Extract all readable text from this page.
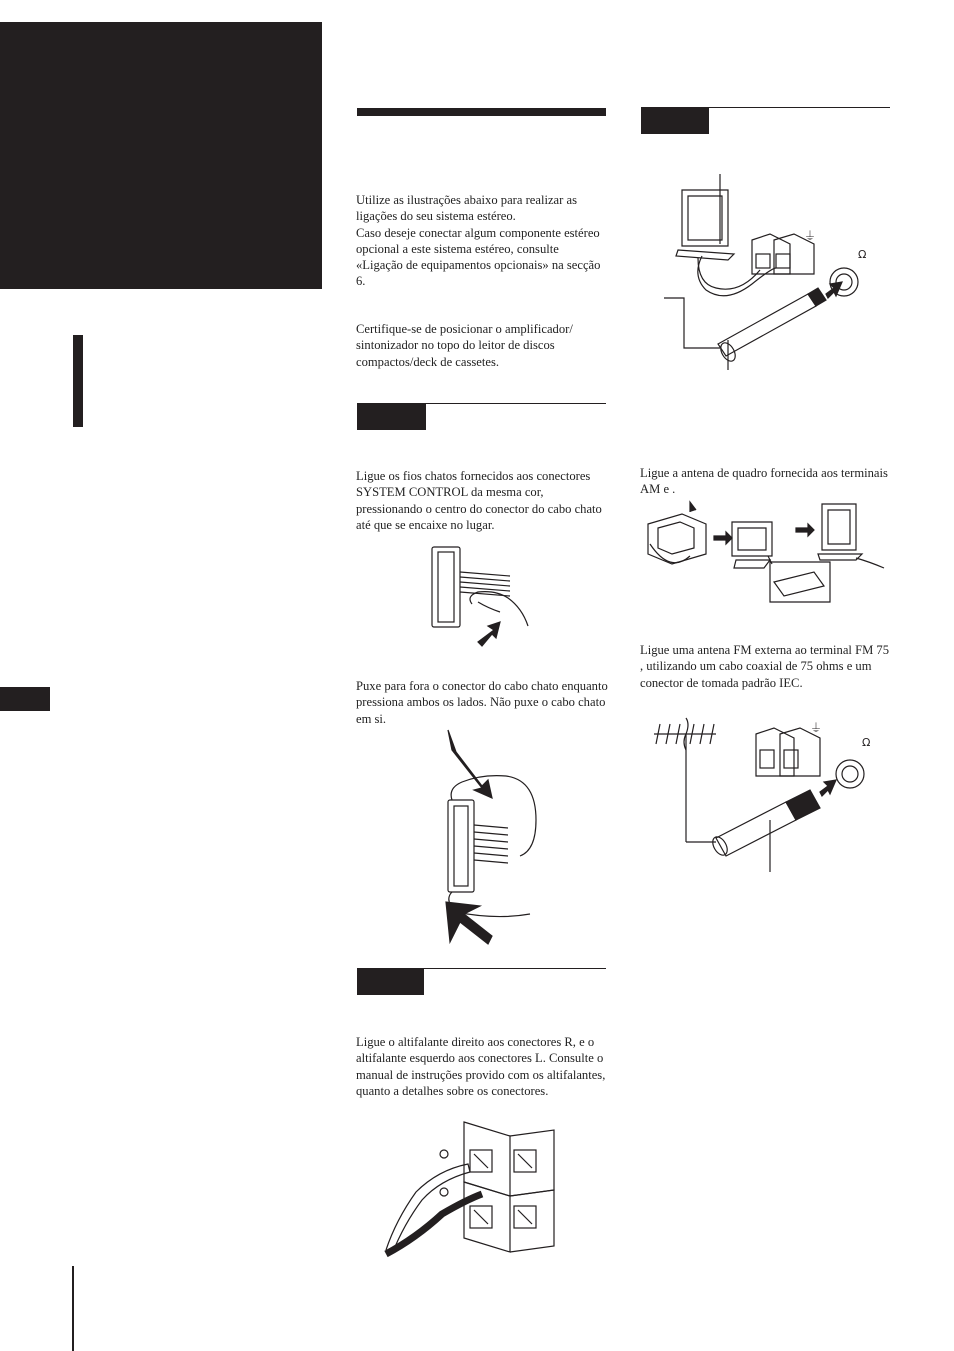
Utilize as ilustrações abaixo para realizar as ligações do seu sistema estéreo.
Caso deseje conectar algum componente estéreo opcional a este sistema estéreo, consulte «Ligação de equipamentos opcionais» na secção 6.
Certifique-se de posicionar o amplificador/ sintonizador no topo do leitor de discos compactos/deck de cassetes.
Ligue os fios chatos fornecidos aos conectores SYSTEM CONTROL da mesma cor, pressionando o centro do conector do cabo chato até que se encaixe no lugar.
Puxe para fora o conector do cabo chato enquanto pressiona ambos os lados. Não puxe o cabo chato em si.
Ligue o altifalante direito aos conectores R, e o altifalante esquerdo aos conectores L. Consulte o manual de instruções provido com os altifalantes, quanto a detalhes sobre os conectores.
⏚
Ω
Ligue a antena de quadro fornecida aos terminais AM e .
Ligue uma antena FM externa ao terminal FM 75 , utilizando um cabo coaxial de 75 ohms e um conector de tomada padrão IEC.
⏚
Ω
